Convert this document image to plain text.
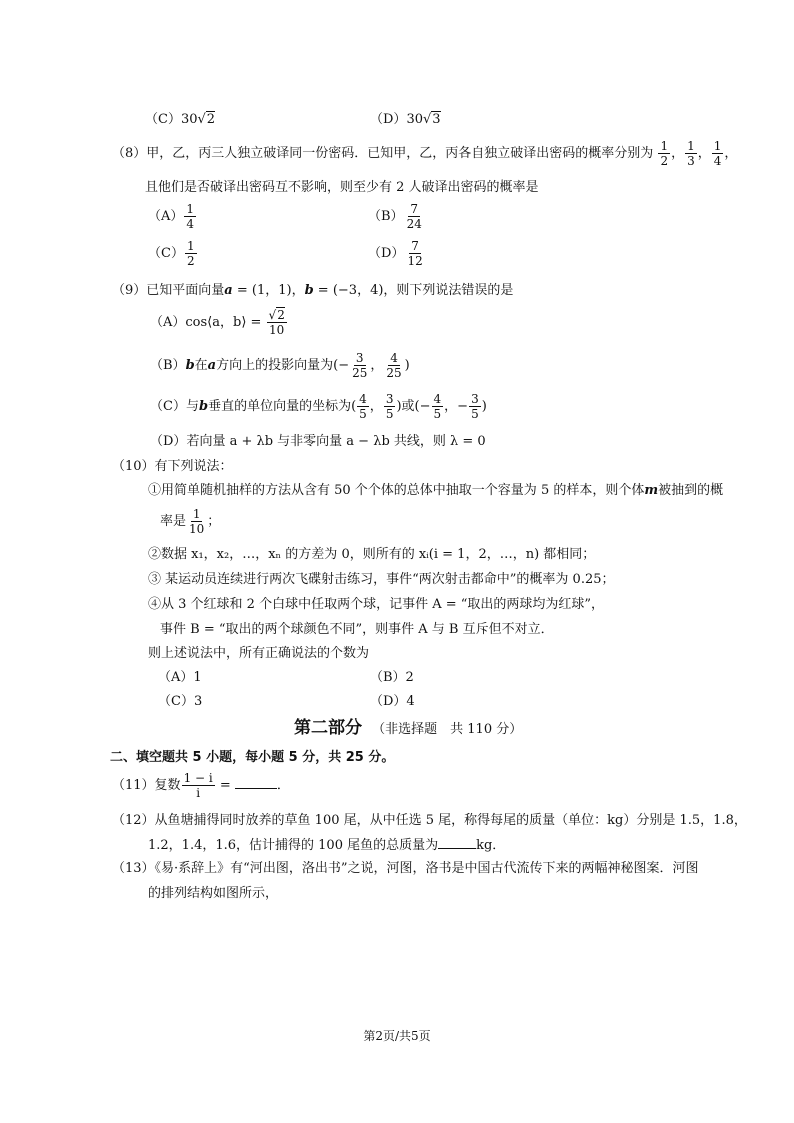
（C）30√2	（D）30√3
（8）甲，乙，丙三人独立破译同一份密码．已知甲，乙，丙各自独立破译出密码的概率分别为 $\frac{1}{2}$ ， $\frac{1}{3}$ ， $\frac{1}{4}$ ，
且他们是否破译出密码互不影响，则至少有 2 人破译出密码的概率是
$(A) \frac{1}{4}$	$(B) \frac{7}{24}$
$(C) \frac{1}{2}$	$(D) \frac{7}{12}$
（9）已知平面向量a = (1，1)，b = (−3，4)，则下列说法错误的是
（A）cos⟨a，b⟩ = $\frac{√2}{10}$
（B）b在a方向上的投影向量为(− $\frac{3}{25}$ ， $\frac{4}{25}$ )
（C）与b垂直的单位向量的坐标为( $\frac{4}{5}$ ， $\frac{3}{5}$ )或(− $\frac{4}{5}$ ，− $\frac{3}{5}$ )
（D）若向量 a + λb 与非零向量 a − λb 共线，则 λ = 0
（10）有下列说法：
①用简单随机抽样的方法从含有 50 个个体的总体中抽取一个容量为 5 的样本，则个体m被抽到的概
率是 $\frac{1}{10}$ ；
②数据 x₁，x₂，…，xₙ 的方差为 0，则所有的 xᵢ(i = 1，2，…，n) 都相同；
③ 某运动员连续进行两次飞碟射击练习，事件“两次射击都命中”的概率为 0.25；
④从 3 个红球和 2 个白球中任取两个球，记事件 A = “取出的两球均为红球”，
事件 B = “取出的两个球颜色不同”，则事件 A 与 B 互斥但不对立．
则上述说法中，所有正确说法的个数为
（A）1	（B）2
（C）3	（D）4
第二部分 （非选择题　共 110 分）
二、填空题共 5 小题，每小题 5 分，共 25 分。
（11）复数 $\frac{1 - i}{i}$ =	．
（12）从鱼塘捕得同时放养的草鱼 100 尾，从中任选 5 尾，称得每尾的质量（单位：kg）分别是 1.5，1.8，
1.2，1.4，1.6，估计捕得的 100 尾鱼的总质量为	kg．
（13）《易·系辞上》有“河出图，洛出书”之说，河图，洛书是中国古代流传下来的两幅神秘图案．河图
的排列结构如图所示，
第2页/共5页
